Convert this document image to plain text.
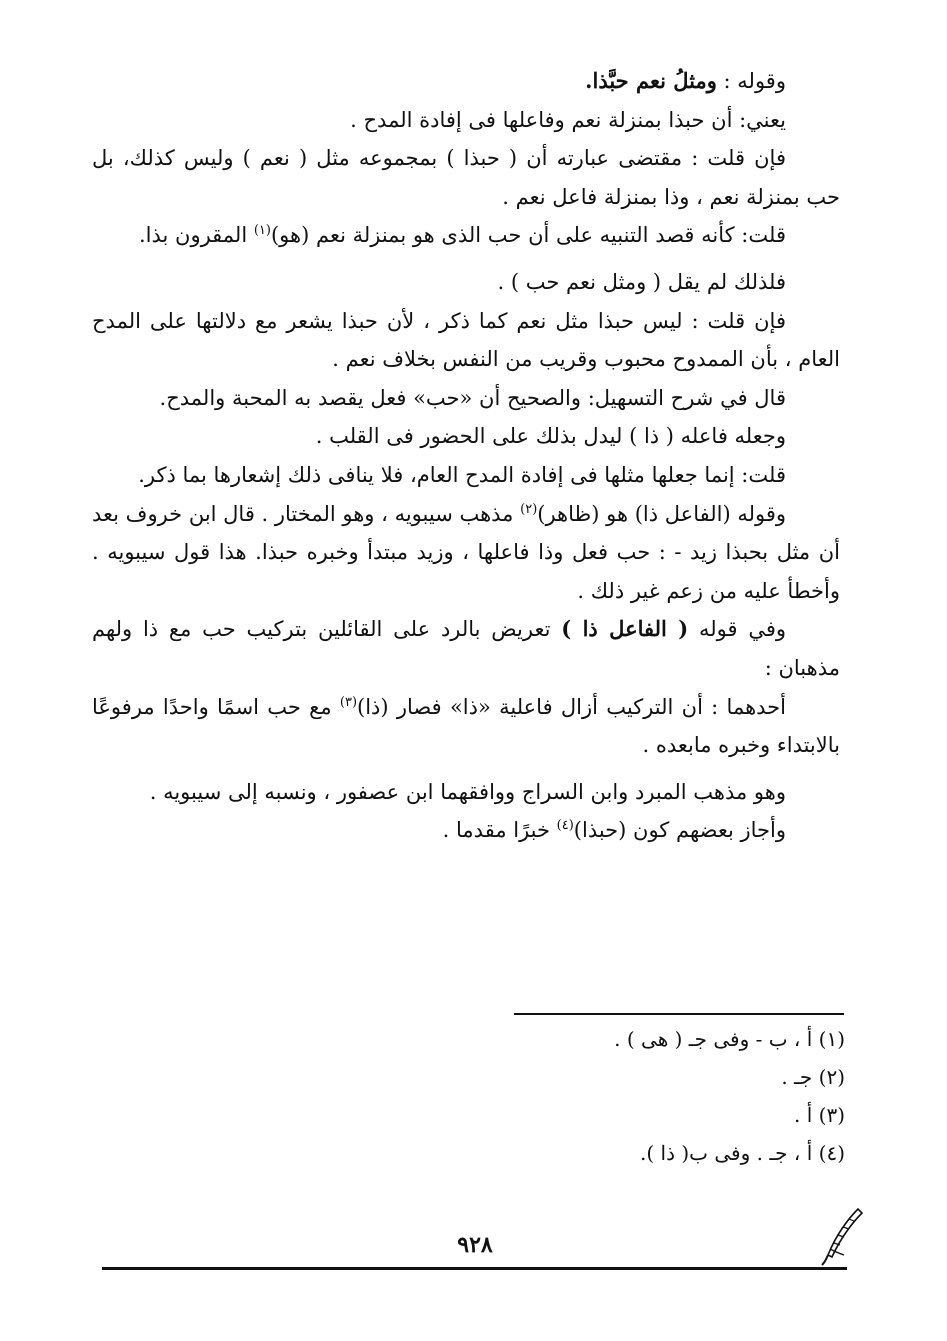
وقوله : ومثلُ نعم حبَّذا.

يعني: أن حبذا بمنزلة نعم وفاعلها فى إفادة المدح .

فإن قلت : مقتضى عبارته أن ( حبذا ) بمجموعه مثل ( نعم ) وليس كذلك، بل حب بمنزلة نعم ، وذا بمنزلة فاعل نعم .

قلت: كأنه قصد التنبيه على أن حب الذى هو بمنزلة نعم (هو)$^{(١)}$ المقرون بذا.

فلذلك لم يقل ( ومثل نعم حب ) .

فإن قلت : ليس حبذا مثل نعم كما ذكر ، لأن حبذا يشعر مع دلالتها على المدح العام ، بأن الممدوح محبوب وقريب من النفس بخلاف نعم .

قال في شرح التسهيل: والصحيح أن «حب» فعل يقصد به المحبة والمدح.

وجعله فاعله ( ذا ) ليدل بذلك على الحضور فى القلب .

قلت: إنما جعلها مثلها فى إفادة المدح العام، فلا ينافى ذلك إشعارها بما ذكر.

وقوله (الفاعل ذا) هو (ظاهر)$^{(٢)}$ مذهب سيبويه ، وهو المختار . قال ابن خروف بعد أن مثل بحبذا زيد - : حب فعل وذا فاعلها ، وزيد مبتدأ وخبره حبذا. هذا قول سيبويه . وأخطأ عليه من زعم غير ذلك .

وفي قوله ( الفاعل ذا ) تعريض بالرد على القائلين بتركيب حب مع ذا ولهم مذهبان :

أحدهما : أن التركيب أزال فاعلية «ذا» فصار (ذا)$^{(٣)}$ مع حب اسمًا واحدًا مرفوعًا بالابتداء وخبره مابعده .

وهو مذهب المبرد وابن السراج ووافقهما ابن عصفور ، ونسبه إلى سيبويه .

وأجاز بعضهم كون (حبذا)$^{(٤)}$ خبرًا مقدما .

(١) أ ، ب - وفى جـ ( هى ) .
(٢) جـ .
(٣) أ .
(٤) أ ، جـ . وفى ب( ذا ).
٩٢٨
